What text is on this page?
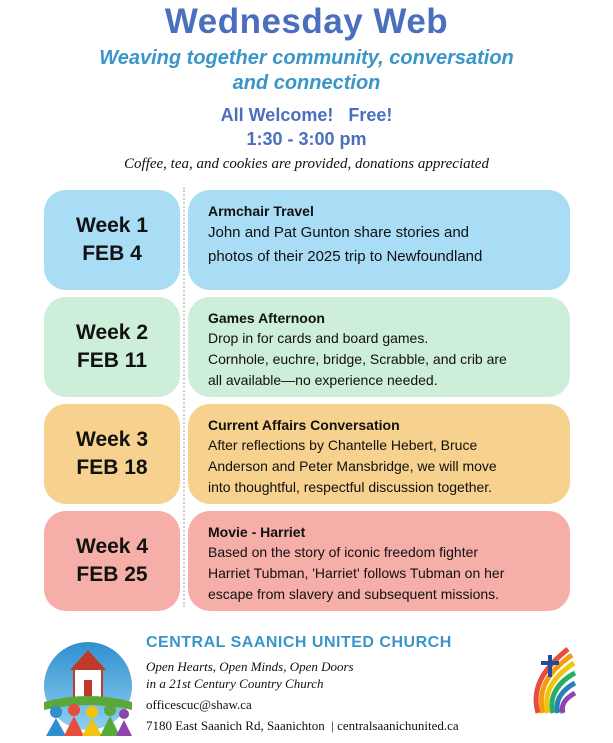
Wednesday Web
Weaving together community, conversation
and connection
All Welcome!   Free!
1:30 - 3:00 pm
Coffee, tea, and cookies are provided, donations appreciated
Week 1
FEB 4
Armchair Travel
John and Pat Gunton share stories and
photos of their 2025 trip to Newfoundland
Week 2
FEB 11
Games Afternoon
Drop in for cards and board games.
Cornhole, euchre, bridge, Scrabble, and crib are
all available—no experience needed.
Week 3
FEB 18
Current Affairs Conversation
After reflections by Chantelle Hebert, Bruce
Anderson and Peter Mansbridge, we will move
into thoughtful, respectful discussion together.
Week 4
FEB 25
Movie - Harriet
Based on the story of iconic freedom fighter
Harriet Tubman, 'Harriet' follows Tubman on her
escape from slavery and subsequent missions.
CENTRAL SAANICH UNITED CHURCH
Open Hearts, Open Minds, Open Doors
in a 21st Century Country Church
officescuc@shaw.ca
7180 East Saanich Rd, Saanichton  | centralsaanichunited.ca
